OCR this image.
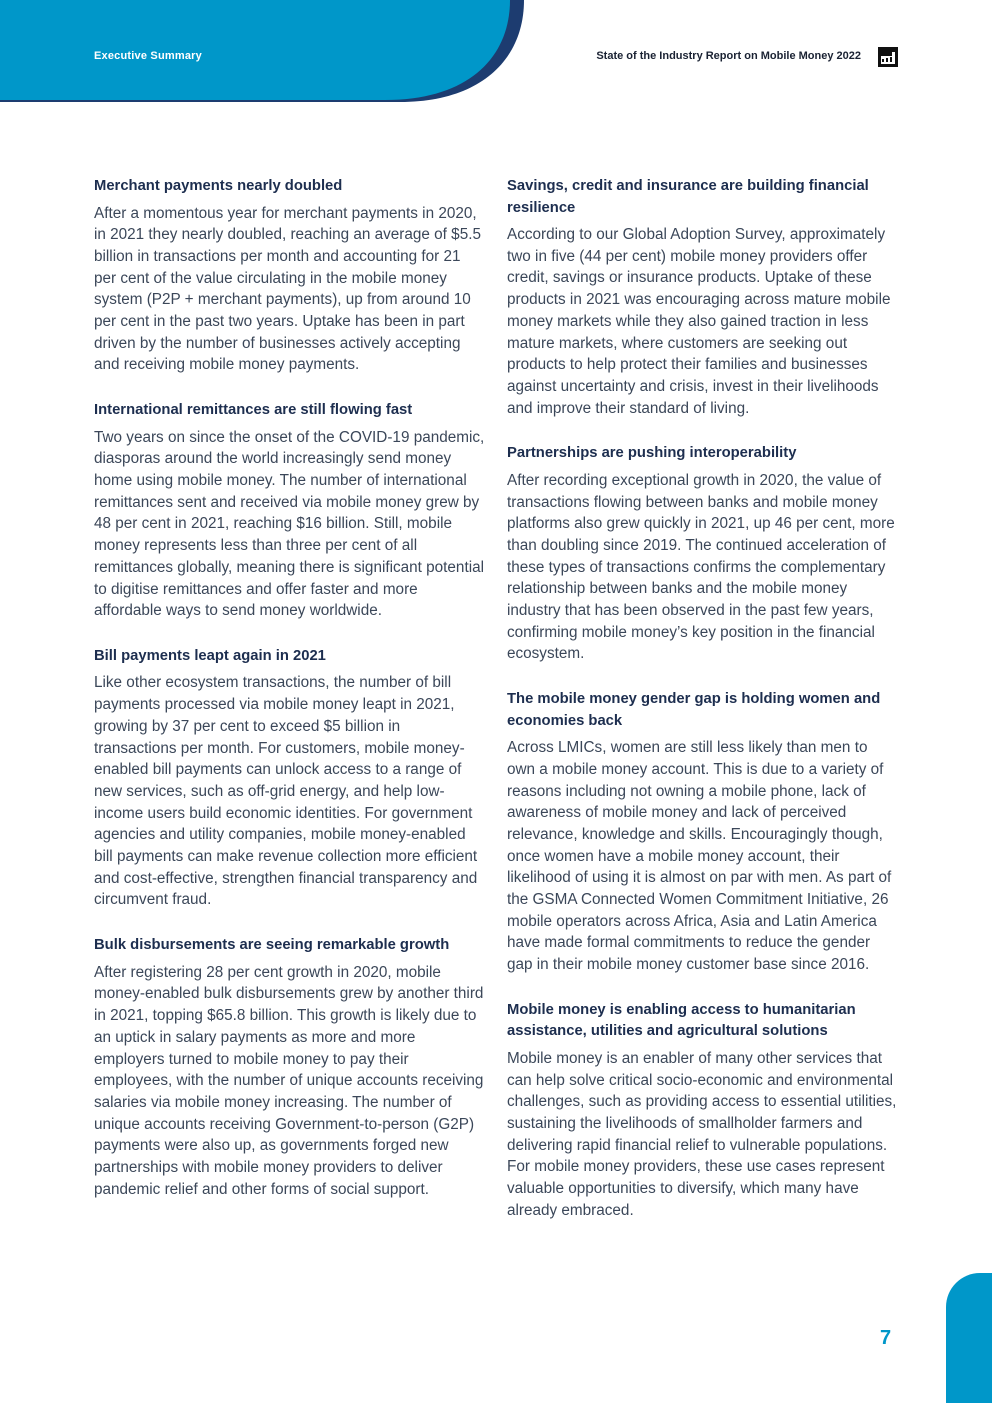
Executive Summary	State of the Industry Report on Mobile Money 2022
Merchant payments nearly doubled

After a momentous year for merchant payments in 2020, in 2021 they nearly doubled, reaching an average of $5.5 billion in transactions per month and accounting for 21 per cent of the value circulating in the mobile money system (P2P + merchant payments), up from around 10 per cent in the past two years. Uptake has been in part driven by the number of businesses actively accepting and receiving mobile money payments.

International remittances are still flowing fast

Two years on since the onset of the COVID-19 pandemic, diasporas around the world increasingly send money home using mobile money. The number of international remittances sent and received via mobile money grew by 48 per cent in 2021, reaching $16 billion. Still, mobile money represents less than three per cent of all remittances globally, meaning there is significant potential to digitise remittances and offer faster and more affordable ways to send money worldwide.

Bill payments leapt again in 2021

Like other ecosystem transactions, the number of bill payments processed via mobile money leapt in 2021, growing by 37 per cent to exceed $5 billion in transactions per month. For customers, mobile money-enabled bill payments can unlock access to a range of new services, such as off-grid energy, and help low-income users build economic identities. For government agencies and utility companies, mobile money-enabled bill payments can make revenue collection more efficient and cost-effective, strengthen financial transparency and circumvent fraud.

Bulk disbursements are seeing remarkable growth

After registering 28 per cent growth in 2020, mobile money-enabled bulk disbursements grew by another third in 2021, topping $65.8 billion. This growth is likely due to an uptick in salary payments as more and more employers turned to mobile money to pay their employees, with the number of unique accounts receiving salaries via mobile money increasing. The number of unique accounts receiving Government-to-person (G2P) payments were also up, as governments forged new partnerships with mobile money providers to deliver pandemic relief and other forms of social support.

Savings, credit and insurance are building financial resilience

According to our Global Adoption Survey, approximately two in five (44 per cent) mobile money providers offer credit, savings or insurance products. Uptake of these products in 2021 was encouraging across mature mobile money markets while they also gained traction in less mature markets, where customers are seeking out products to help protect their families and businesses against uncertainty and crisis, invest in their livelihoods and improve their standard of living.

Partnerships are pushing interoperability

After recording exceptional growth in 2020, the value of transactions flowing between banks and mobile money platforms also grew quickly in 2021, up 46 per cent, more than doubling since 2019. The continued acceleration of these types of transactions confirms the complementary relationship between banks and the mobile money industry that has been observed in the past few years, confirming mobile money’s key position in the financial ecosystem.

The mobile money gender gap is holding women and economies back

Across LMICs, women are still less likely than men to own a mobile money account. This is due to a variety of reasons including not owning a mobile phone, lack of awareness of mobile money and lack of perceived relevance, knowledge and skills. Encouragingly though, once women have a mobile money account, their likelihood of using it is almost on par with men. As part of the GSMA Connected Women Commitment Initiative, 26 mobile operators across Africa, Asia and Latin America have made formal commitments to reduce the gender gap in their mobile money customer base since 2016.

Mobile money is enabling access to humanitarian assistance, utilities and agricultural solutions

Mobile money is an enabler of many other services that can help solve critical socio-economic and environmental challenges, such as providing access to essential utilities, sustaining the livelihoods of smallholder farmers and delivering rapid financial relief to vulnerable populations. For mobile money providers, these use cases represent valuable opportunities to diversify, which many have already embraced.

7
